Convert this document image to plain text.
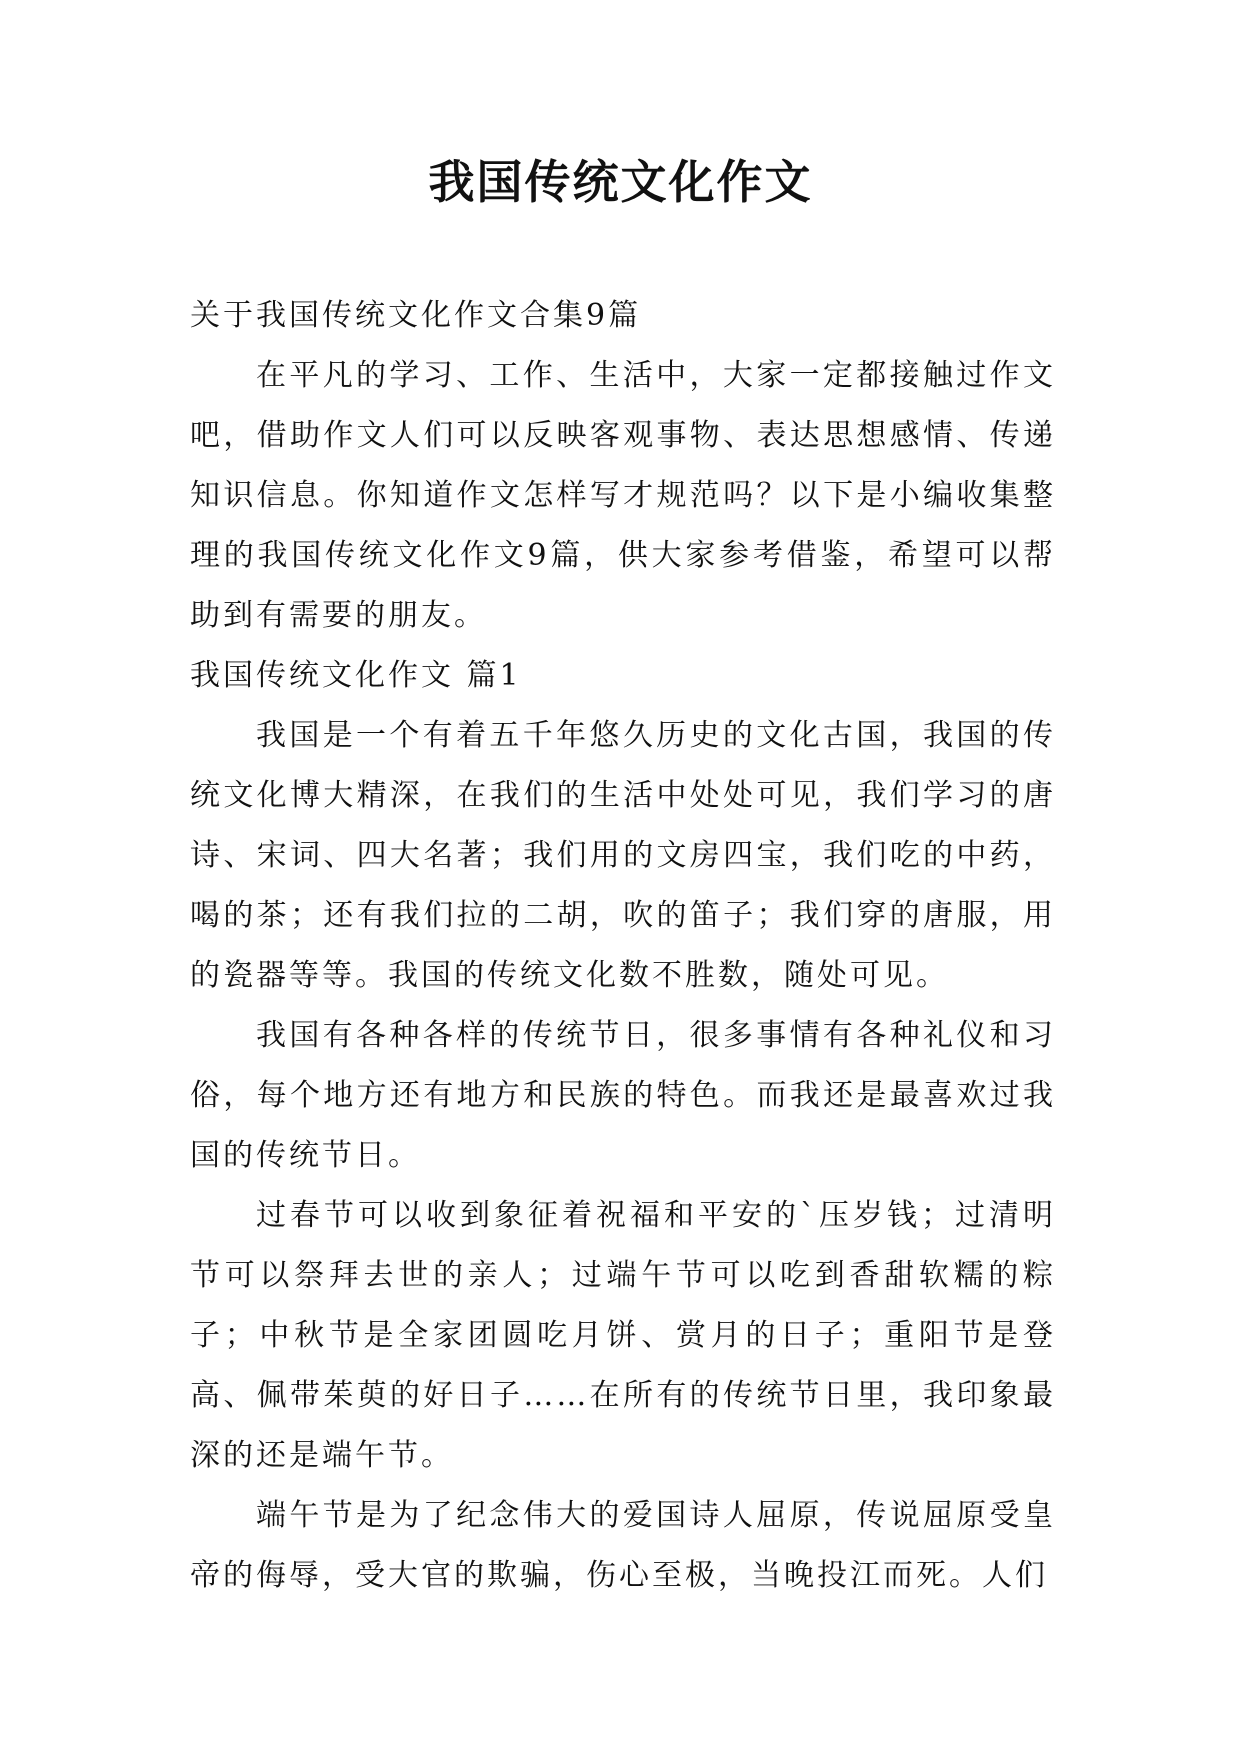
我国传统文化作文

关于我国传统文化作文合集9篇

在平凡的学习、工作、生活中，大家一定都接触过作文吧，借助作文人们可以反映客观事物、表达思想感情、传递知识信息。你知道作文怎样写才规范吗？以下是小编收集整理的我国传统文化作文9篇，供大家参考借鉴，希望可以帮助到有需要的朋友。

我国传统文化作文 篇1

我国是一个有着五千年悠久历史的文化古国，我国的传统文化博大精深，在我们的生活中处处可见，我们学习的唐诗、宋词、四大名著；我们用的文房四宝，我们吃的中药，喝的茶；还有我们拉的二胡，吹的笛子；我们穿的唐服，用的瓷器等等。我国的传统文化数不胜数，随处可见。

我国有各种各样的传统节日，很多事情有各种礼仪和习俗，每个地方还有地方和民族的特色。而我还是最喜欢过我国的传统节日。

过春节可以收到象征着祝福和平安的`压岁钱；过清明节可以祭拜去世的亲人；过端午节可以吃到香甜软糯的粽子；中秋节是全家团圆吃月饼、赏月的日子；重阳节是登高、佩带茱萸的好日子……在所有的传统节日里，我印象最深的还是端午节。

端午节是为了纪念伟大的爱国诗人屈原，传说屈原受皇帝的侮辱，受大官的欺骗，伤心至极，当晚投江而死。人们
